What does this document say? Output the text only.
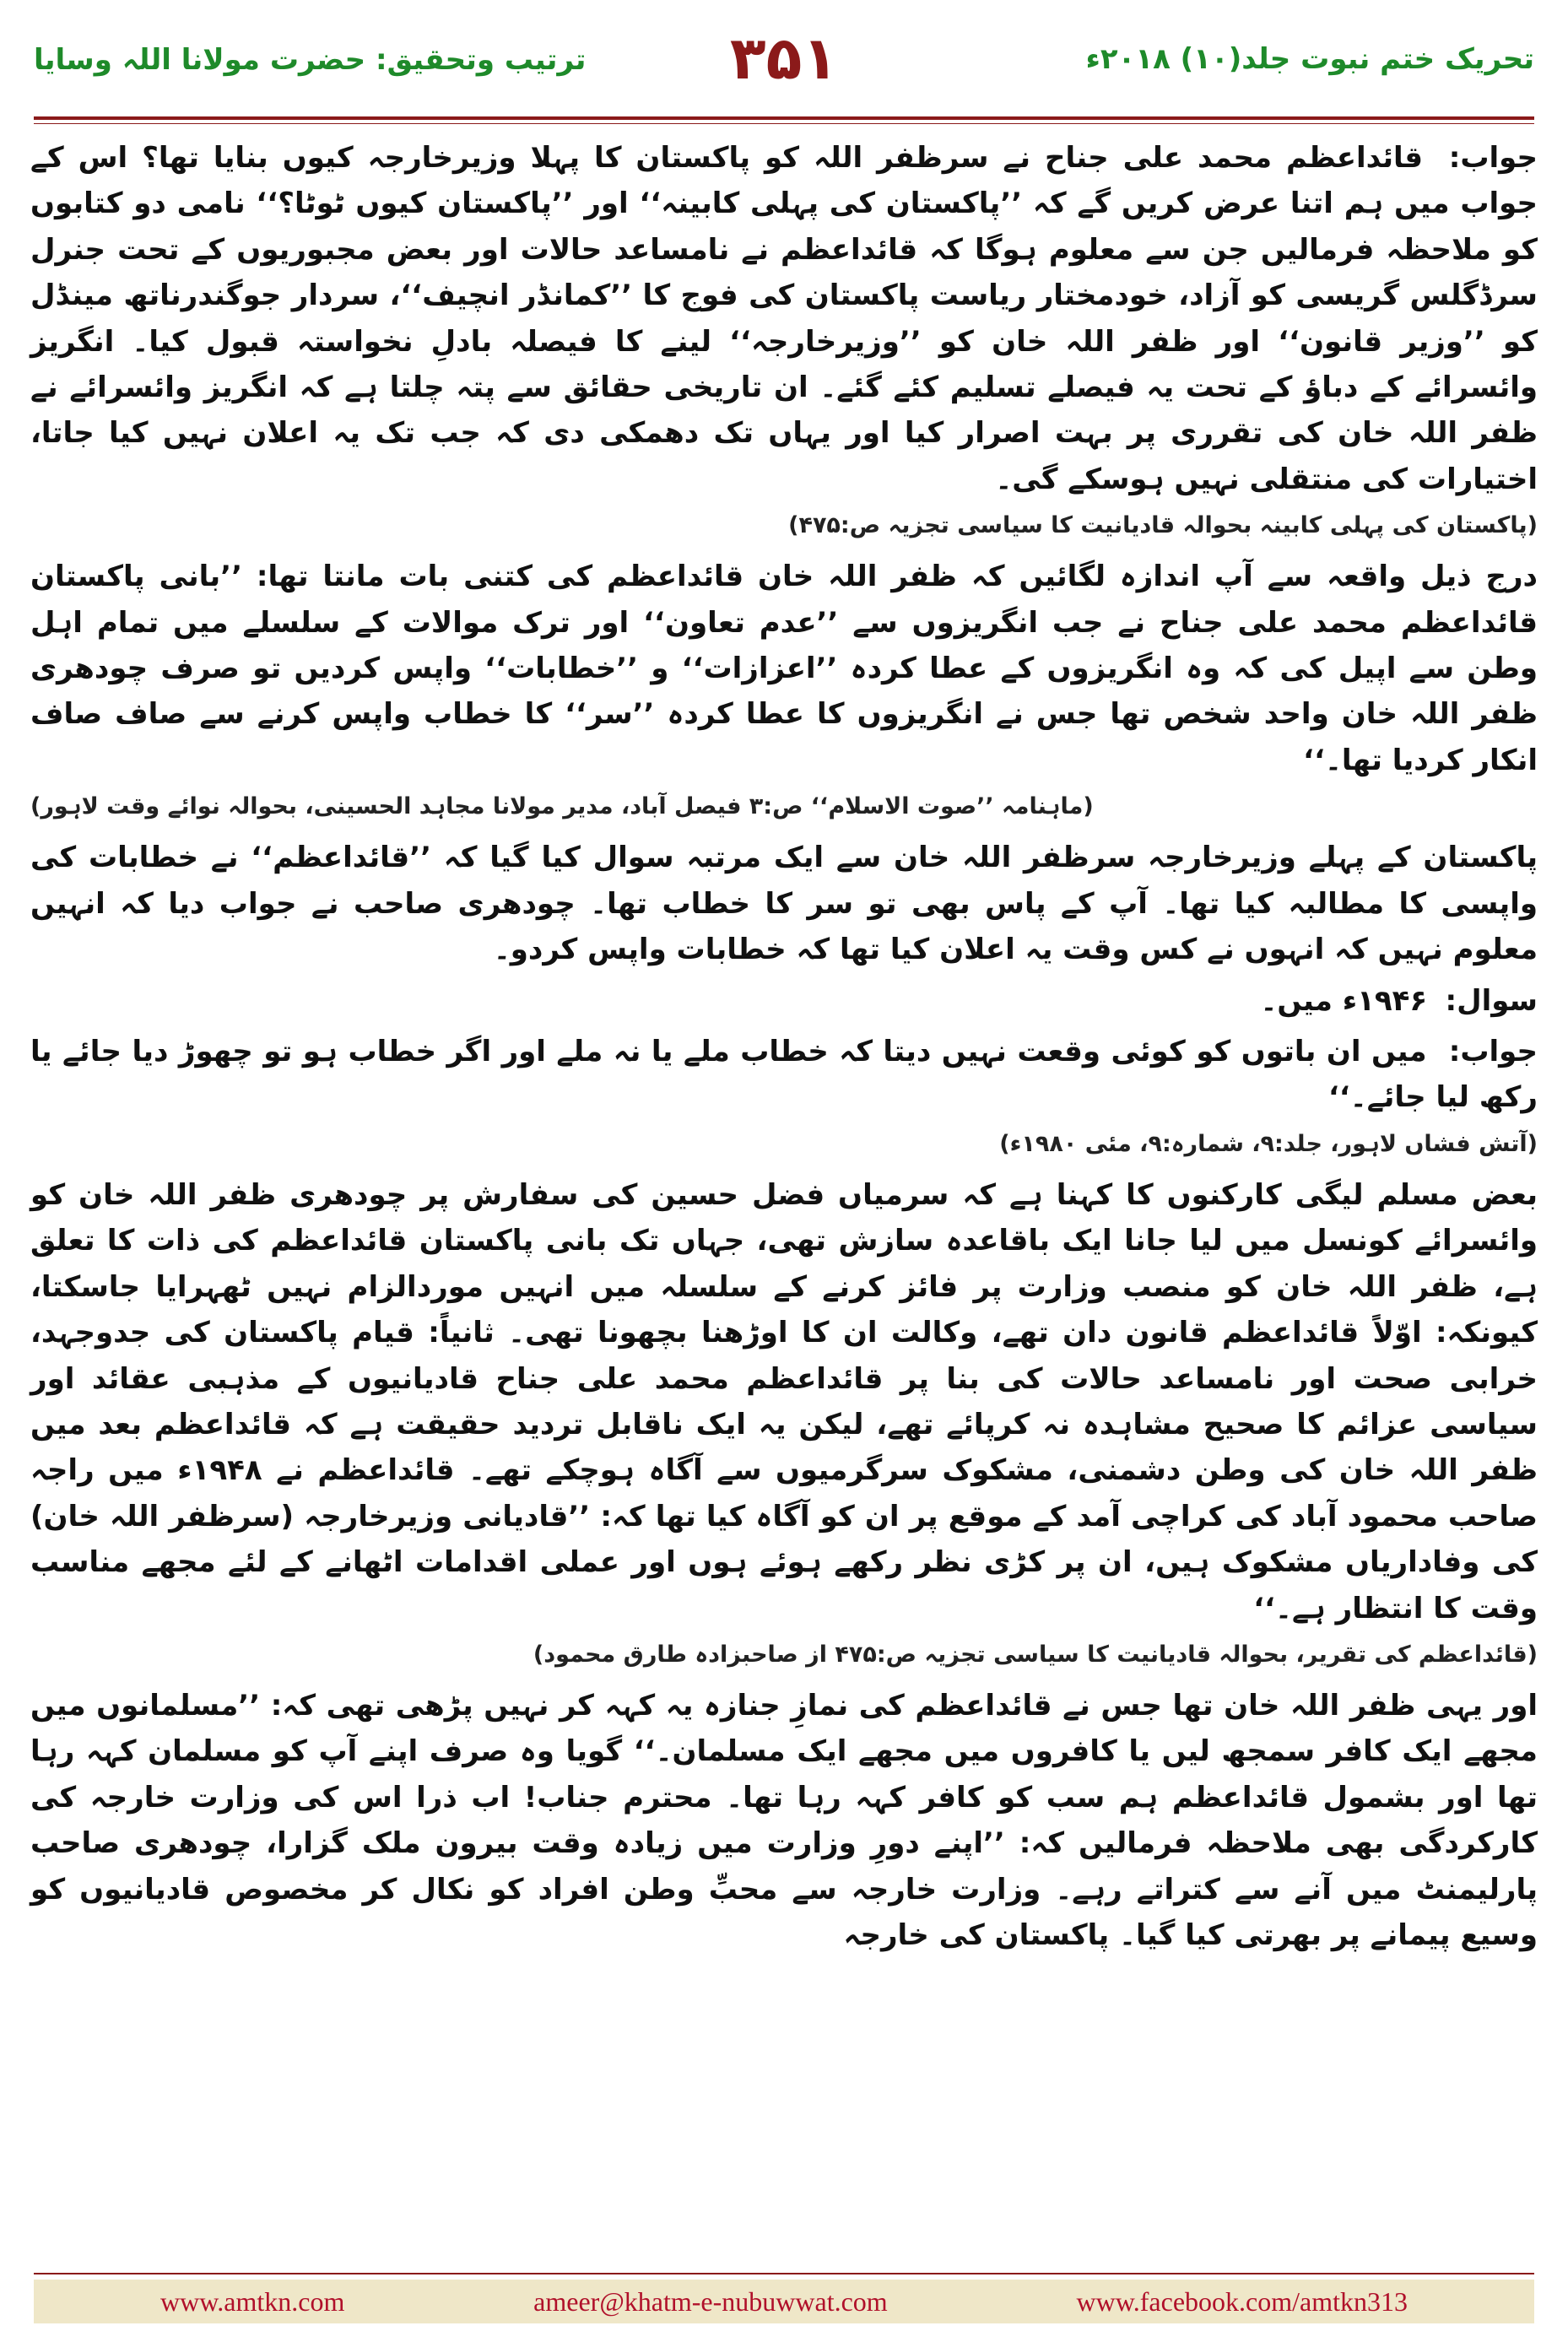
ترتیب وتحقیق: حضرت مولانا اللہ وسایا	۳۵۱	تحریک ختم نبوت جلد(۱۰) ۲۰۱۸ء

جواب: قائداعظم محمد علی جناح نے سرظفر اللہ کو پاکستان کا پہلا وزیرخارجہ کیوں بنایا تھا؟ اس کے جواب میں ہم اتنا عرض کریں گے کہ ’’پاکستان کی پہلی کابینہ‘‘ اور ’’پاکستان کیوں ٹوٹا؟‘‘ نامی دو کتابوں کو ملاحظہ فرمالیں جن سے معلوم ہوگا کہ قائداعظم نے نامساعد حالات اور بعض مجبوریوں کے تحت جنرل سرڈگلس گریسی کو آزاد، خودمختار ریاست پاکستان کی فوج کا ’’کمانڈر انچیف‘‘، سردار جوگندرناتھ مینڈل کو ’’وزیر قانون‘‘ اور ظفر اللہ خان کو ’’وزیرخارجہ‘‘ لینے کا فیصلہ بادلِ نخواستہ قبول کیا۔ انگریز وائسرائے کے دباؤ کے تحت یہ فیصلے تسلیم کئے گئے۔ ان تاریخی حقائق سے پتہ چلتا ہے کہ انگریز وائسرائے نے ظفر اللہ خان کی تقرری پر بہت اصرار کیا اور یہاں تک دھمکی دی کہ جب تک یہ اعلان نہیں کیا جاتا، اختیارات کی منتقلی نہیں ہوسکے گی۔

(پاکستان کی پہلی کابینہ بحوالہ قادیانیت کا سیاسی تجزیہ ص:۴۷۵)

درج ذیل واقعہ سے آپ اندازہ لگائیں کہ ظفر اللہ خان قائداعظم کی کتنی بات مانتا تھا: ’’بانی پاکستان قائداعظم محمد علی جناح نے جب انگریزوں سے ’’عدم تعاون‘‘ اور ترک موالات کے سلسلے میں تمام اہل وطن سے اپیل کی کہ وہ انگریزوں کے عطا کردہ ’’اعزازات‘‘ و ’’خطابات‘‘ واپس کردیں تو صرف چودھری ظفر اللہ خان واحد شخص تھا جس نے انگریزوں کا عطا کردہ ’’سر‘‘ کا خطاب واپس کرنے سے صاف صاف انکار کردیا تھا۔‘‘

(ماہنامہ ’’صوت الاسلام‘‘ ص:۳ فیصل آباد، مدیر مولانا مجاہد الحسینی، بحوالہ نوائے وقت لاہور)

پاکستان کے پہلے وزیرخارجہ سرظفر اللہ خان سے ایک مرتبہ سوال کیا گیا کہ ’’قائداعظم‘‘ نے خطابات کی واپسی کا مطالبہ کیا تھا۔ آپ کے پاس بھی تو سر کا خطاب تھا۔ چودھری صاحب نے جواب دیا کہ انہیں معلوم نہیں کہ انہوں نے کس وقت یہ اعلان کیا تھا کہ خطابات واپس کردو۔

سوال: ۱۹۴۶ء میں۔

جواب: میں ان باتوں کو کوئی وقعت نہیں دیتا کہ خطاب ملے یا نہ ملے اور اگر خطاب ہو تو چھوڑ دیا جائے یا رکھ لیا جائے۔‘‘

(آتش فشاں لاہور، جلد:۹، شمارہ:۹، مئی ۱۹۸۰ء)

بعض مسلم لیگی کارکنوں کا کہنا ہے کہ سرمیاں فضل حسین کی سفارش پر چودھری ظفر اللہ خان کو وائسرائے کونسل میں لیا جانا ایک باقاعدہ سازش تھی، جہاں تک بانی پاکستان قائداعظم کی ذات کا تعلق ہے، ظفر اللہ خان کو منصب وزارت پر فائز کرنے کے سلسلہ میں انہیں موردالزام نہیں ٹھہرایا جاسکتا، کیونکہ: اوّلاً قائداعظم قانون دان تھے، وکالت ان کا اوڑھنا بچھونا تھی۔ ثانیاً: قیام پاکستان کی جدوجہد، خرابی صحت اور نامساعد حالات کی بنا پر قائداعظم محمد علی جناح قادیانیوں کے مذہبی عقائد اور سیاسی عزائم کا صحیح مشاہدہ نہ کرپائے تھے، لیکن یہ ایک ناقابل تردید حقیقت ہے کہ قائداعظم بعد میں ظفر اللہ خان کی وطن دشمنی، مشکوک سرگرمیوں سے آگاہ ہوچکے تھے۔ قائداعظم نے ۱۹۴۸ء میں راجہ صاحب محمود آباد کی کراچی آمد کے موقع پر ان کو آگاہ کیا تھا کہ: ’’قادیانی وزیرخارجہ (سرظفر اللہ خان) کی وفاداریاں مشکوک ہیں، ان پر کڑی نظر رکھے ہوئے ہوں اور عملی اقدامات اٹھانے کے لئے مجھے مناسب وقت کا انتظار ہے۔‘‘

(قائداعظم کی تقریر، بحوالہ قادیانیت کا سیاسی تجزیہ ص:۴۷۵ از صاحبزادہ طارق محمود)

اور یہی ظفر اللہ خان تھا جس نے قائداعظم کی نمازِ جنازہ یہ کہہ کر نہیں پڑھی تھی کہ: ’’مسلمانوں میں مجھے ایک کافر سمجھ لیں یا کافروں میں مجھے ایک مسلمان۔‘‘ گویا وہ صرف اپنے آپ کو مسلمان کہہ رہا تھا اور بشمول قائداعظم ہم سب کو کافر کہہ رہا تھا۔ محترم جناب! اب ذرا اس کی وزارت خارجہ کی کارکردگی بھی ملاحظہ فرمالیں کہ: ’’اپنے دورِ وزارت میں زیادہ وقت بیرون ملک گزارا، چودھری صاحب پارلیمنٹ میں آنے سے کتراتے رہے۔ وزارت خارجہ سے محبِّ وطن افراد کو نکال کر مخصوص قادیانیوں کو وسیع پیمانے پر بھرتی کیا گیا۔ پاکستان کی خارجہ

www.amtkn.com	ameer@khatm-e-nubuwwat.com	www.facebook.com/amtkn313
